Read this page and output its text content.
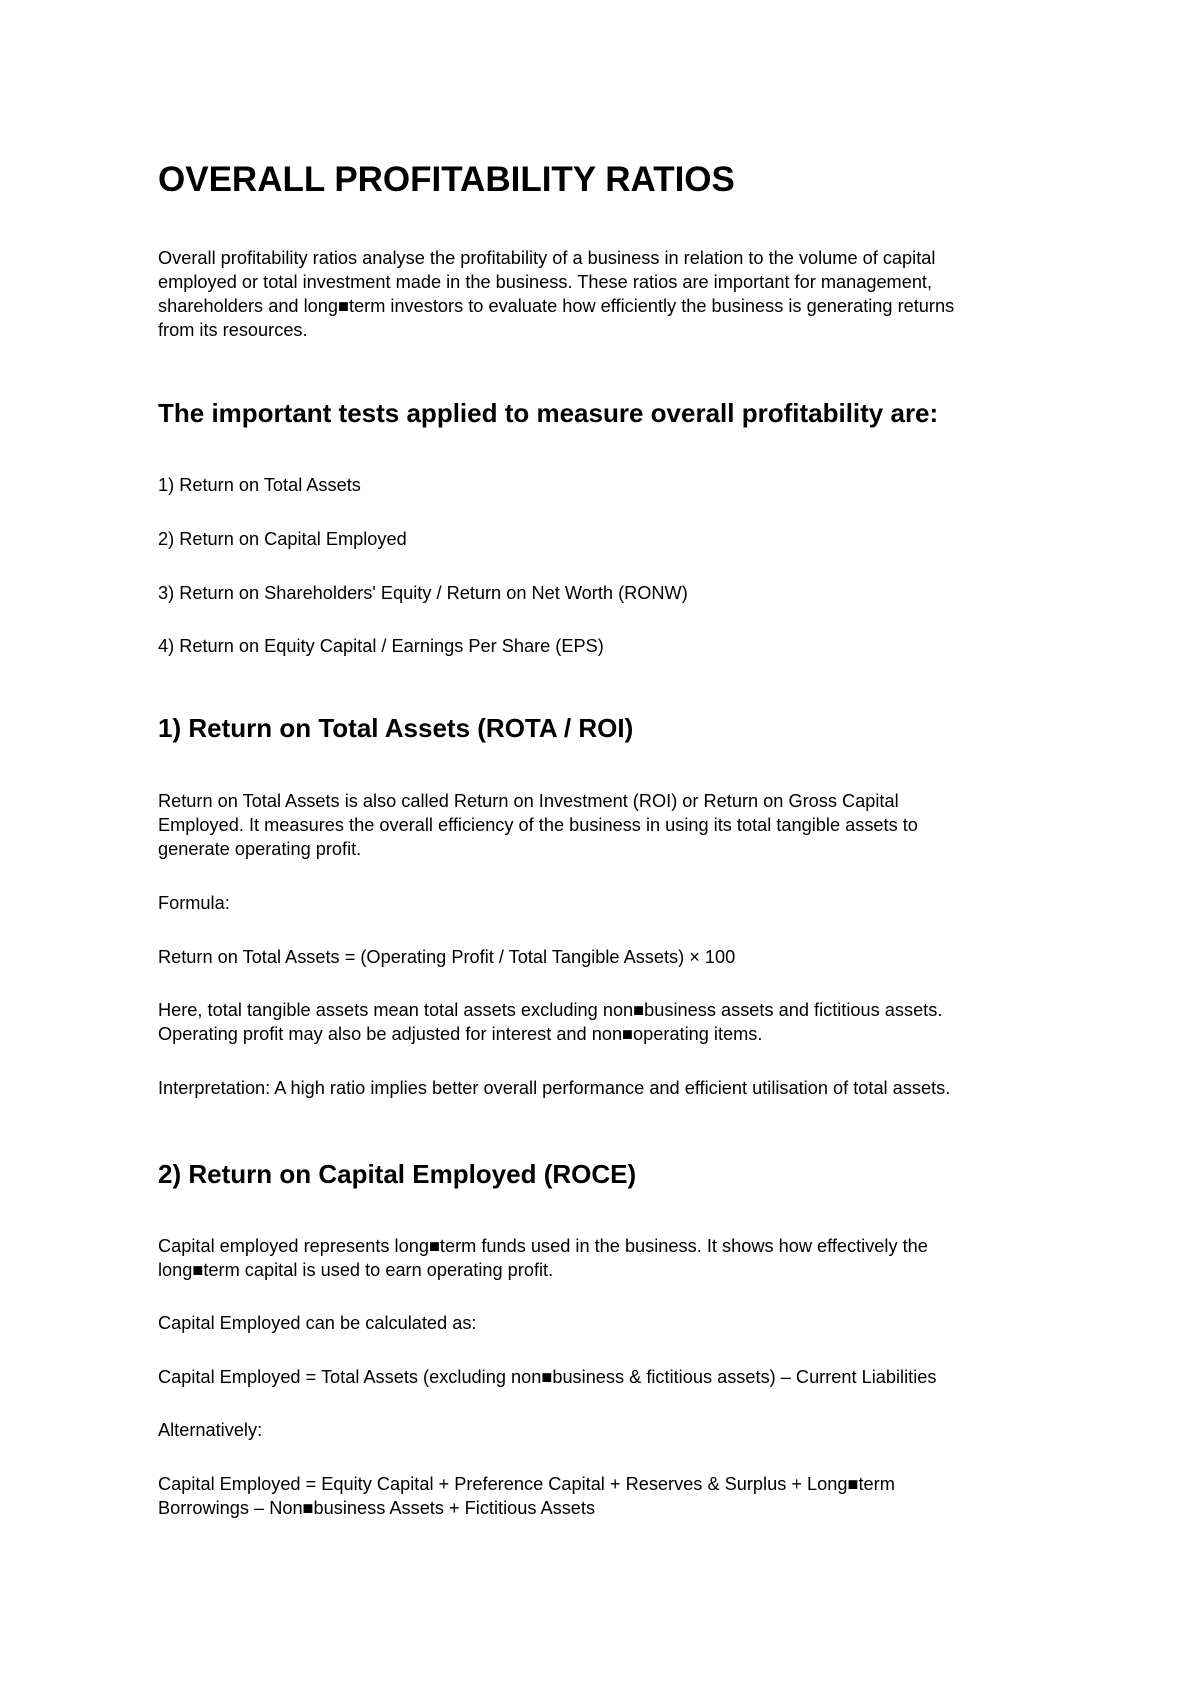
OVERALL PROFITABILITY RATIOS
Overall profitability ratios analyse the profitability of a business in relation to the volume of capital
employed or total investment made in the business. These ratios are important for management,
shareholders and long■term investors to evaluate how efficiently the business is generating returns
from its resources.
The important tests applied to measure overall profitability are:

1) Return on Total Assets

2) Return on Capital Employed

3) Return on Shareholders' Equity / Return on Net Worth (RONW)

4) Return on Equity Capital / Earnings Per Share (EPS)

1) Return on Total Assets (ROTA / ROI)
Return on Total Assets is also called Return on Investment (ROI) or Return on Gross Capital
Employed. It measures the overall efficiency of the business in using its total tangible assets to
generate operating profit.

Formula:

Return on Total Assets = (Operating Profit / Total Tangible Assets) × 100

Here, total tangible assets mean total assets excluding non■business assets and fictitious assets.
Operating profit may also be adjusted for interest and non■operating items.

Interpretation: A high ratio implies better overall performance and efficient utilisation of total assets.

2) Return on Capital Employed (ROCE)
Capital employed represents long■term funds used in the business. It shows how effectively the
long■term capital is used to earn operating profit.

Capital Employed can be calculated as:

Capital Employed = Total Assets (excluding non■business & fictitious assets) – Current Liabilities

Alternatively:

Capital Employed = Equity Capital + Preference Capital + Reserves & Surplus + Long■term
Borrowings – Non■business Assets + Fictitious Assets
